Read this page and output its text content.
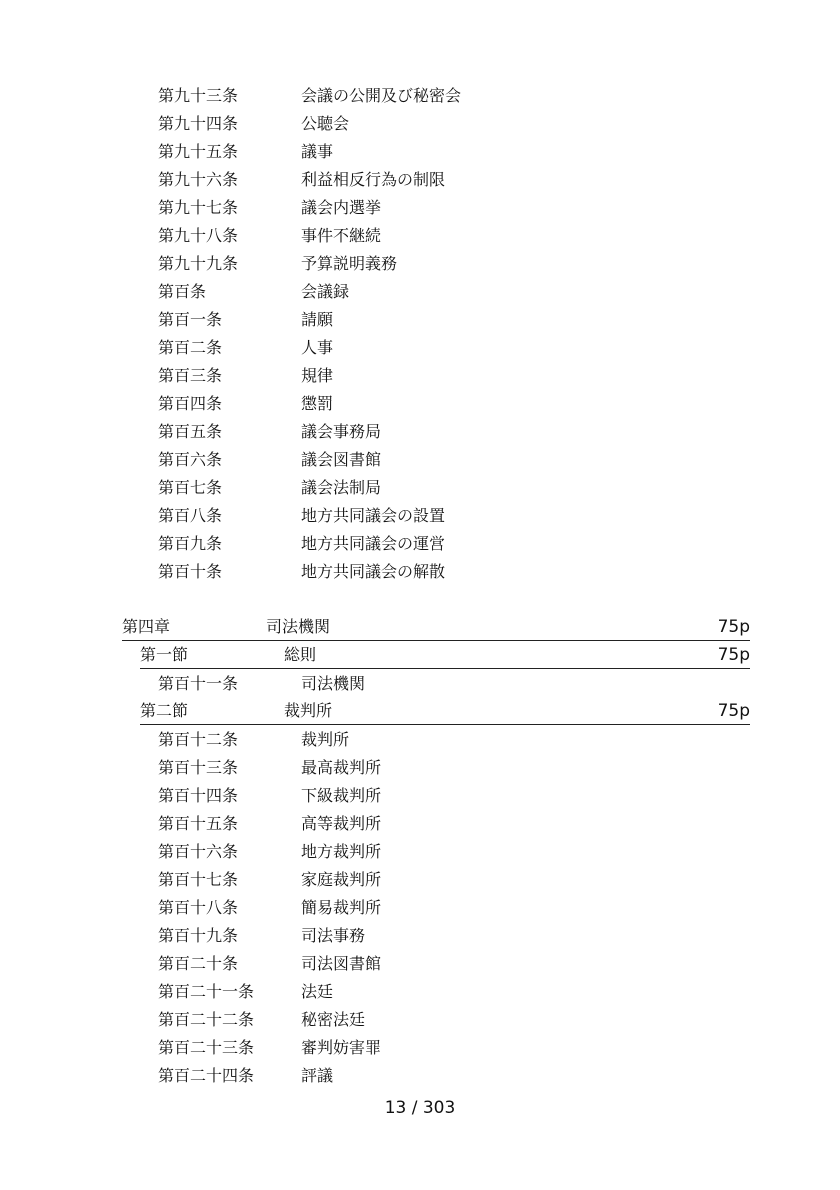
第九十三条	会議の公開及び秘密会
第九十四条	公聴会
第九十五条	議事
第九十六条	利益相反行為の制限
第九十七条	議会内選挙
第九十八条	事件不継続
第九十九条	予算説明義務
第百条	会議録
第百一条	請願
第百二条	人事
第百三条	規律
第百四条	懲罰
第百五条	議会事務局
第百六条	議会図書館
第百七条	議会法制局
第百八条	地方共同議会の設置
第百九条	地方共同議会の運営
第百十条	地方共同議会の解散
第四章	司法機関	75p
第一節	総則	75p
第百十一条	司法機関
第二節	裁判所	75p
第百十二条	裁判所
第百十三条	最高裁判所
第百十四条	下級裁判所
第百十五条	高等裁判所
第百十六条	地方裁判所
第百十七条	家庭裁判所
第百十八条	簡易裁判所
第百十九条	司法事務
第百二十条	司法図書館
第百二十一条	法廷
第百二十二条	秘密法廷
第百二十三条	審判妨害罪
第百二十四条	評議
13 / 303
